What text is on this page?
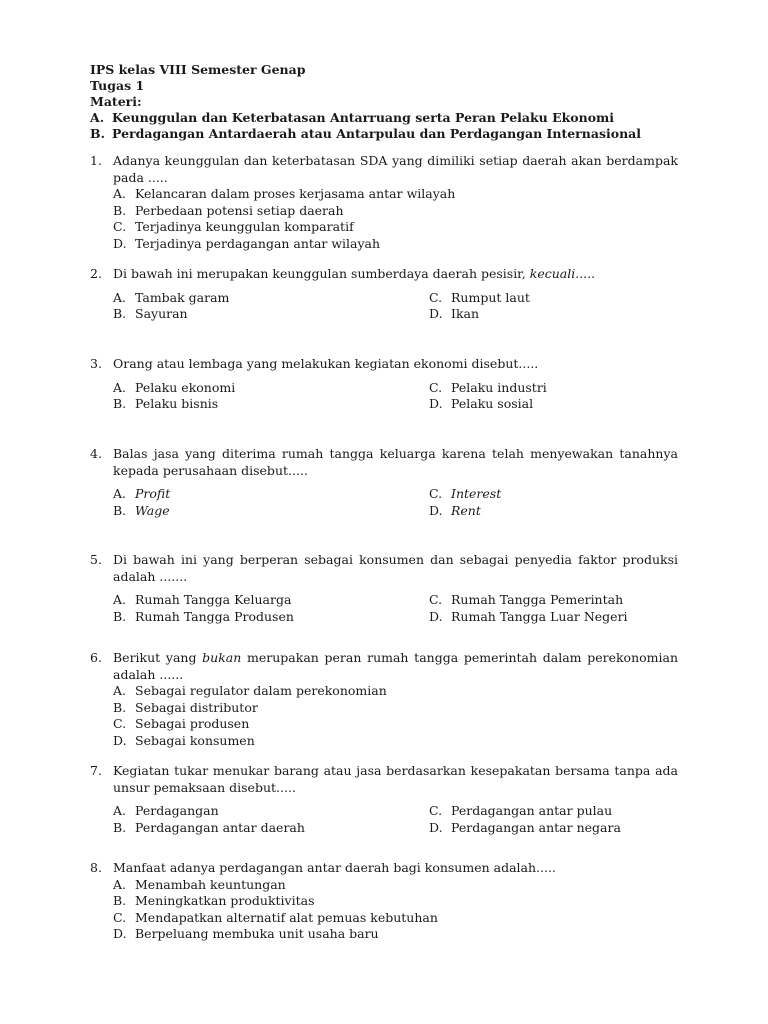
IPS kelas VIII Semester Genap
Tugas 1
Materi:
A. Keunggulan dan Keterbatasan Antarruang serta Peran Pelaku Ekonomi
B. Perdagangan Antardaerah atau Antarpulau dan Perdagangan Internasional
1. Adanya keunggulan dan keterbatasan SDA yang dimiliki setiap daerah akan berdampak pada .....
A. Kelancaran dalam proses kerjasama antar wilayah
B. Perbedaan potensi setiap daerah
C. Terjadinya keunggulan komparatif
D. Terjadinya perdagangan antar wilayah
2. Di bawah ini merupakan keunggulan sumberdaya daerah pesisir, kecuali.....
A. Tambak garam
B. Sayuran
C. Rumput laut
D. Ikan
3. Orang atau lembaga yang melakukan kegiatan ekonomi disebut.....
A. Pelaku ekonomi
B. Pelaku bisnis
C. Pelaku industri
D. Pelaku sosial
4. Balas jasa yang diterima rumah tangga keluarga karena telah menyewakan tanahnya kepada perusahaan disebut.....
A. Profit
B. Wage
C. Interest
D. Rent
5. Di bawah ini yang berperan sebagai konsumen dan sebagai penyedia faktor produksi adalah .......
A. Rumah Tangga Keluarga
B. Rumah Tangga Produsen
C. Rumah Tangga Pemerintah
D. Rumah Tangga Luar Negeri
6. Berikut yang bukan merupakan peran rumah tangga pemerintah dalam perekonomian adalah ......
A. Sebagai regulator dalam perekonomian
B. Sebagai distributor
C. Sebagai produsen
D. Sebagai konsumen
7. Kegiatan tukar menukar barang atau jasa berdasarkan kesepakatan bersama tanpa ada unsur pemaksaan disebut.....
A. Perdagangan
B. Perdagangan antar daerah
C. Perdagangan antar pulau
D. Perdagangan antar negara
8. Manfaat adanya perdagangan antar daerah bagi konsumen adalah.....
A. Menambah keuntungan
B. Meningkatkan produktivitas
C. Mendapatkan alternatif alat pemuas kebutuhan
D. Berpeluang membuka unit usaha baru
